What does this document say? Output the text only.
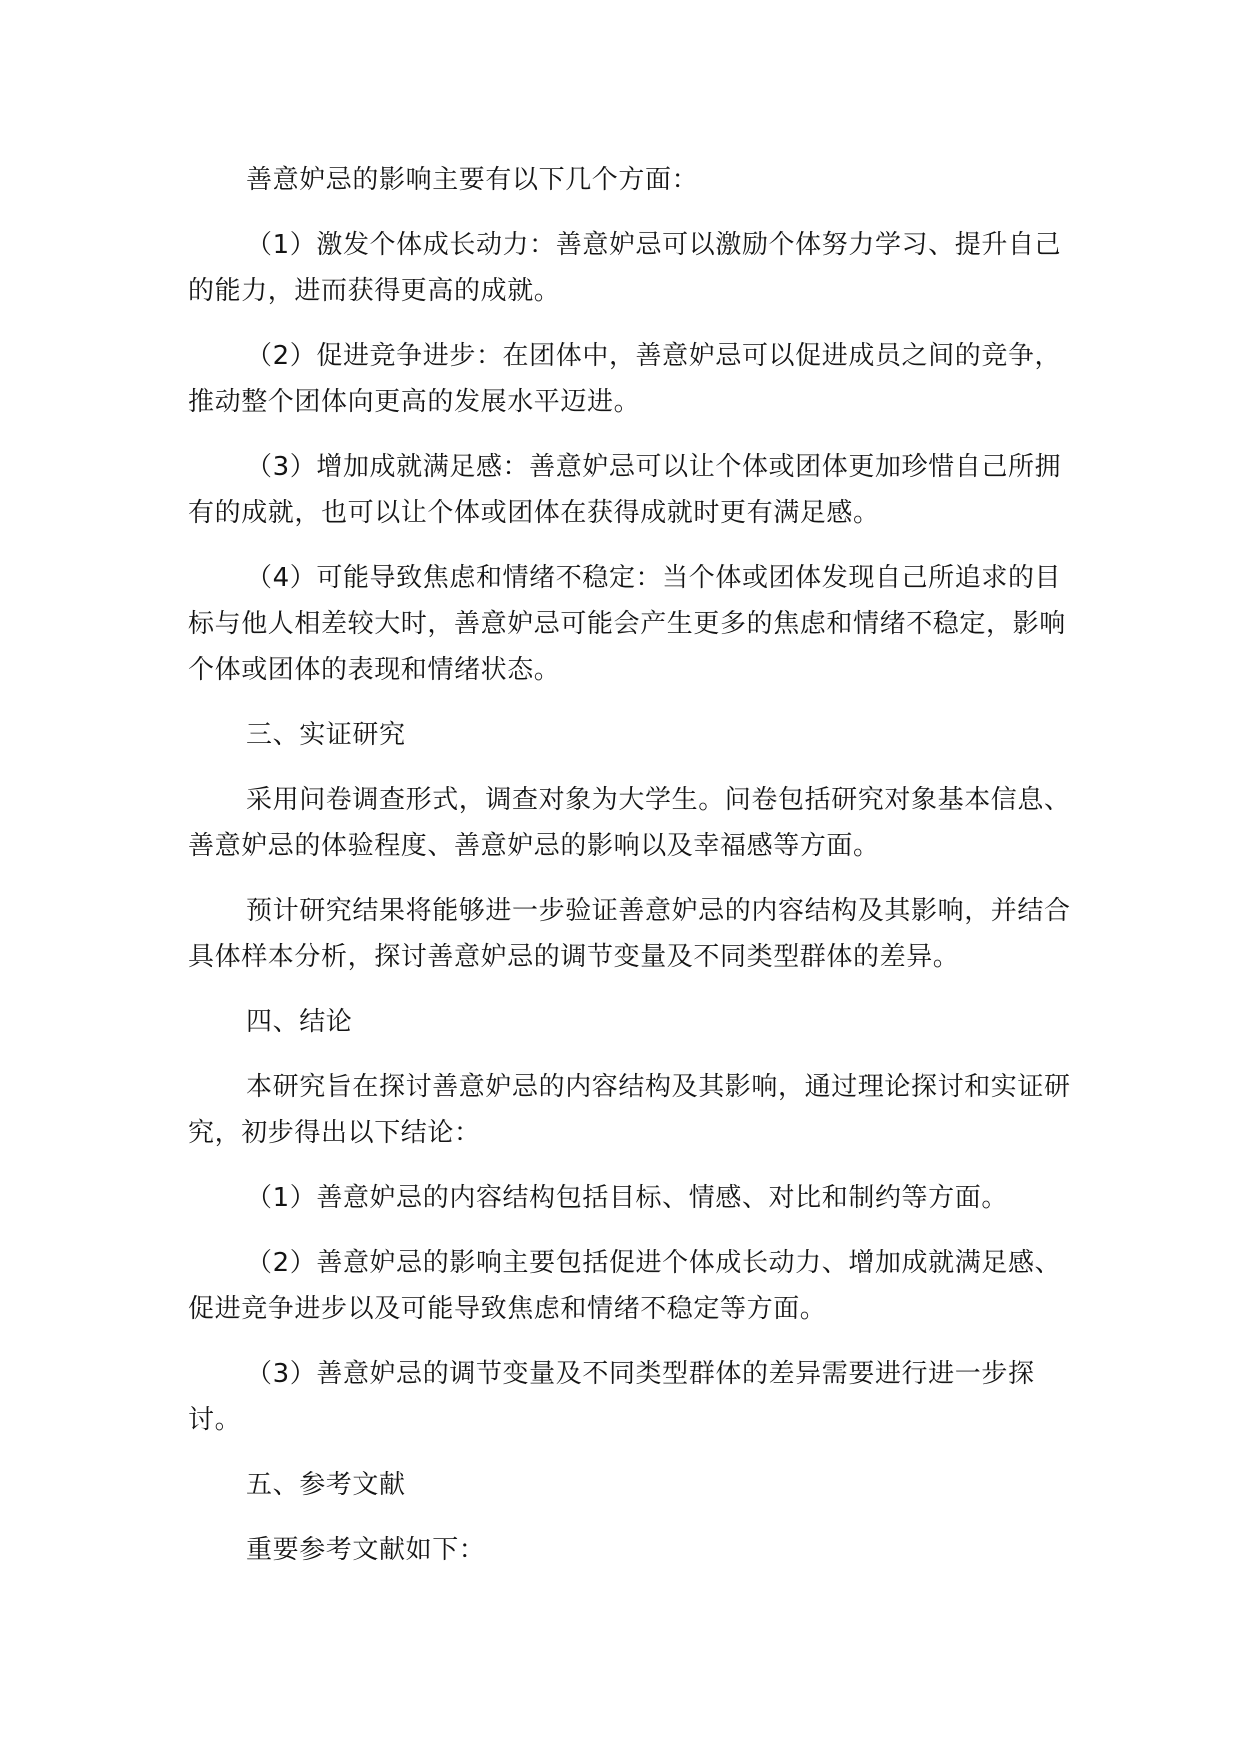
善意妒忌的影响主要有以下几个方面：

（1）激发个体成长动力：善意妒忌可以激励个体努力学习、提升自己的能力，进而获得更高的成就。

（2）促进竞争进步：在团体中，善意妒忌可以促进成员之间的竞争，推动整个团体向更高的发展水平迈进。

（3）增加成就满足感：善意妒忌可以让个体或团体更加珍惜自己所拥有的成就，也可以让个体或团体在获得成就时更有满足感。

（4）可能导致焦虑和情绪不稳定：当个体或团体发现自己所追求的目标与他人相差较大时，善意妒忌可能会产生更多的焦虑和情绪不稳定，影响个体或团体的表现和情绪状态。

三、实证研究

采用问卷调查形式，调查对象为大学生。问卷包括研究对象基本信息、善意妒忌的体验程度、善意妒忌的影响以及幸福感等方面。

预计研究结果将能够进一步验证善意妒忌的内容结构及其影响，并结合具体样本分析，探讨善意妒忌的调节变量及不同类型群体的差异。

四、结论

本研究旨在探讨善意妒忌的内容结构及其影响，通过理论探讨和实证研究，初步得出以下结论：

（1）善意妒忌的内容结构包括目标、情感、对比和制约等方面。

（2）善意妒忌的影响主要包括促进个体成长动力、增加成就满足感、促进竞争进步以及可能导致焦虑和情绪不稳定等方面。

（3）善意妒忌的调节变量及不同类型群体的差异需要进行进一步探讨。

五、参考文献

重要参考文献如下：
